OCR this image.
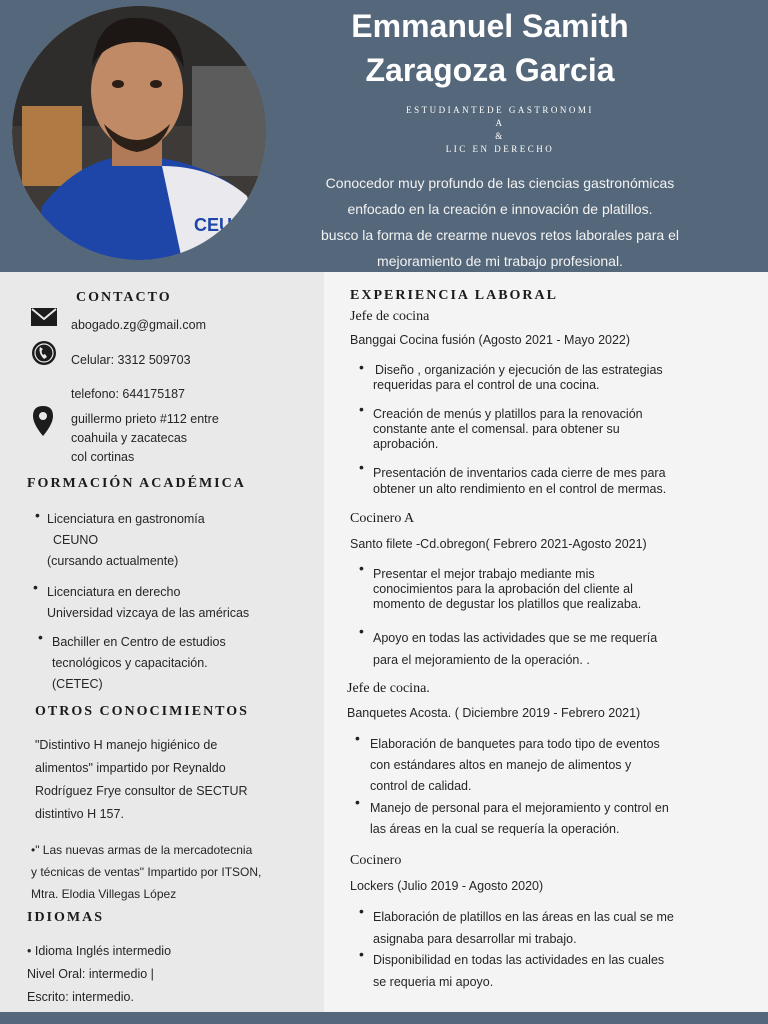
CEUN
Emmanuel Samith
Zaragoza Garcia
ESTUDIANTEDE GASTRONOMI
A
&
LIC EN DERECHO
Conocedor muy profundo de las ciencias gastronómicas
enfocado en la creación e innovación de platillos.
busco la forma de crearme nuevos retos laborales para el
mejoramiento de mi trabajo profesional.
CONTACTO
abogado.zg@gmail.com
Celular: 3312 509703
telefono: 644175187
guillermo prieto #112 entre
coahuila y zacatecas
col cortinas
FORMACIÓN ACADÉMICA
• Licenciatura en gastronomía
CEUNO
(cursando actualmente)
• Licenciatura en derecho
Universidad vizcaya de las américas
• Bachiller en Centro de estudios
tecnológicos y capacitación.
(CETEC)
OTROS CONOCIMIENTOS
"Distintivo H manejo higiénico de
alimentos" impartido por Reynaldo
Rodríguez Frye consultor de SECTUR
distintivo H 157.
•" Las nuevas armas de la mercadotecnia
y técnicas de ventas" Impartido por ITSON,
Mtra. Elodia Villegas López
IDIOMAS
• Idioma Inglés intermedio
Nivel Oral: intermedio |
Escrito: intermedio.
EXPERIENCIA LABORAL
Jefe de cocina
Banggai Cocina fusión (Agosto 2021 - Mayo 2022)
• Diseño , organización y ejecución de las estrategias
requeridas para el control de una cocina.
• Creación de menús y platillos para la renovación
constante ante el comensal. para obtener su
aprobación.
• Presentación de inventarios cada cierre de mes para
obtener un alto rendimiento en el control de mermas.
Cocinero A
Santo filete -Cd.obregon( Febrero 2021-Agosto 2021)
• Presentar el mejor trabajo mediante mis
conocimientos para la aprobación del cliente al
momento de degustar los platillos que realizaba.
• Apoyo en todas las actividades que se me requería
para el mejoramiento de la operación. .
Jefe de cocina.
Banquetes Acosta. ( Diciembre 2019 - Febrero 2021)
• Elaboración de banquetes para todo tipo de eventos
con estándares altos en manejo de alimentos y
control de calidad.
• Manejo de personal para el mejoramiento y control en
las áreas en la cual se requería la operación.
Cocinero
Lockers (Julio 2019 - Agosto 2020)
• Elaboración de platillos en las áreas en las cual se me
asignaba para desarrollar mi trabajo.
• Disponibilidad en todas las actividades en las cuales
se requeria mi apoyo.
